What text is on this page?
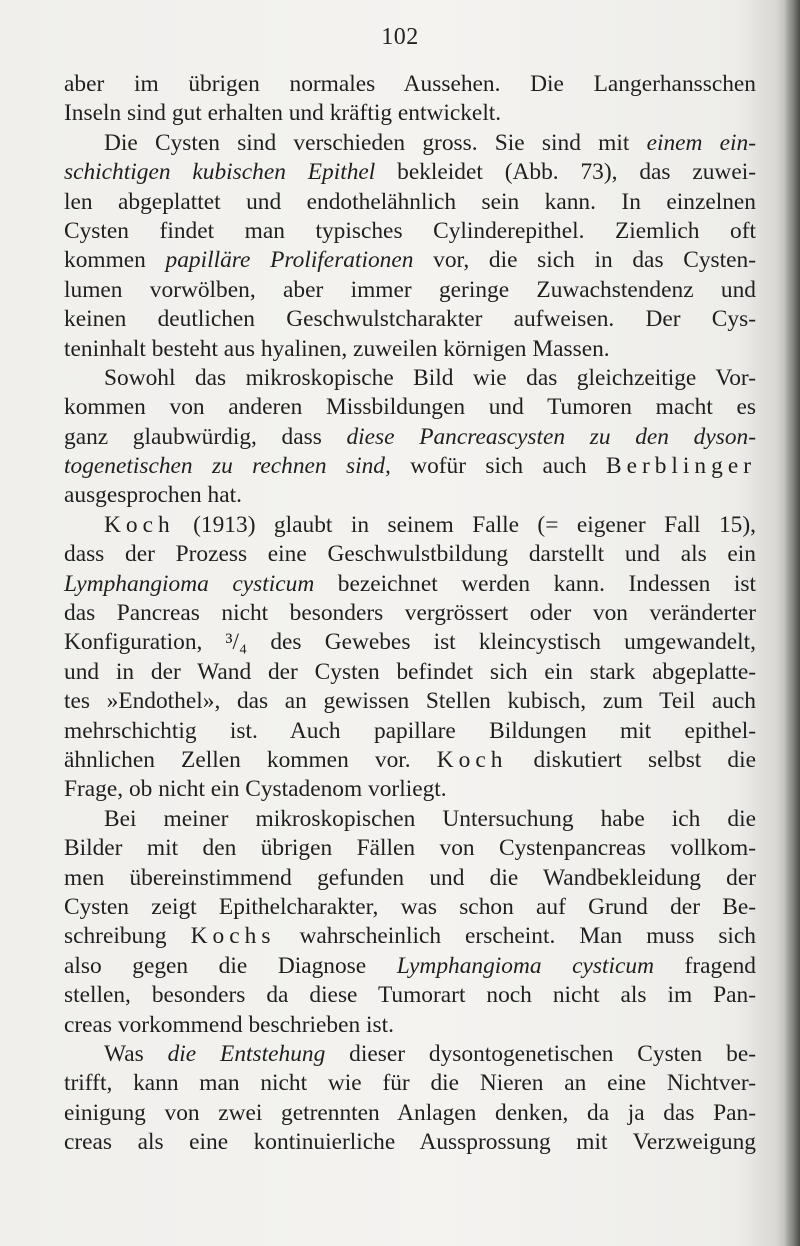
102
aber im übrigen normales Aussehen. Die Langerhansschen
Inseln sind gut erhalten und kräftig entwickelt.
Die Cysten sind verschieden gross. Sie sind mit einem ein-
schichtigen kubischen Epithel bekleidet (Abb. 73), das zuwei-
len abgeplattet und endothelähnlich sein kann. In einzelnen
Cysten findet man typisches Cylinderepithel. Ziemlich oft
kommen papilläre Proliferationen vor, die sich in das Cysten-
lumen vorwölben, aber immer geringe Zuwachstendenz und
keinen deutlichen Geschwulstcharakter aufweisen. Der Cys-
teninhalt besteht aus hyalinen, zuweilen körnigen Massen.
Sowohl das mikroskopische Bild wie das gleichzeitige Vor-
kommen von anderen Missbildungen und Tumoren macht es
ganz glaubwürdig, dass diese Pancreascysten zu den dyson-
togenetischen zu rechnen sind, wofür sich auch Berblinger
ausgesprochen hat.
Koch (1913) glaubt in seinem Falle (= eigener Fall 15),
dass der Prozess eine Geschwulstbildung darstellt und als ein
Lymphangioma cysticum bezeichnet werden kann. Indessen ist
das Pancreas nicht besonders vergrössert oder von veränderter
Konfiguration, ³/₄ des Gewebes ist kleincystisch umgewandelt,
und in der Wand der Cysten befindet sich ein stark abgeplatte-
tes »Endothel», das an gewissen Stellen kubisch, zum Teil auch
mehrschichtig ist. Auch papillare Bildungen mit epithel-
ähnlichen Zellen kommen vor. Koch diskutiert selbst die
Frage, ob nicht ein Cystadenom vorliegt.
Bei meiner mikroskopischen Untersuchung habe ich die
Bilder mit den übrigen Fällen von Cystenpancreas vollkom-
men übereinstimmend gefunden und die Wandbekleidung der
Cysten zeigt Epithelcharakter, was schon auf Grund der Be-
schreibung Kochs wahrscheinlich erscheint. Man muss sich
also gegen die Diagnose Lymphangioma cysticum fragend
stellen, besonders da diese Tumorart noch nicht als im Pan-
creas vorkommend beschrieben ist.
Was die Entstehung dieser dysontogenetischen Cysten be-
trifft, kann man nicht wie für die Nieren an eine Nichtver-
einigung von zwei getrennten Anlagen denken, da ja das Pan-
creas als eine kontinuierliche Aussprossung mit Verzweigung
